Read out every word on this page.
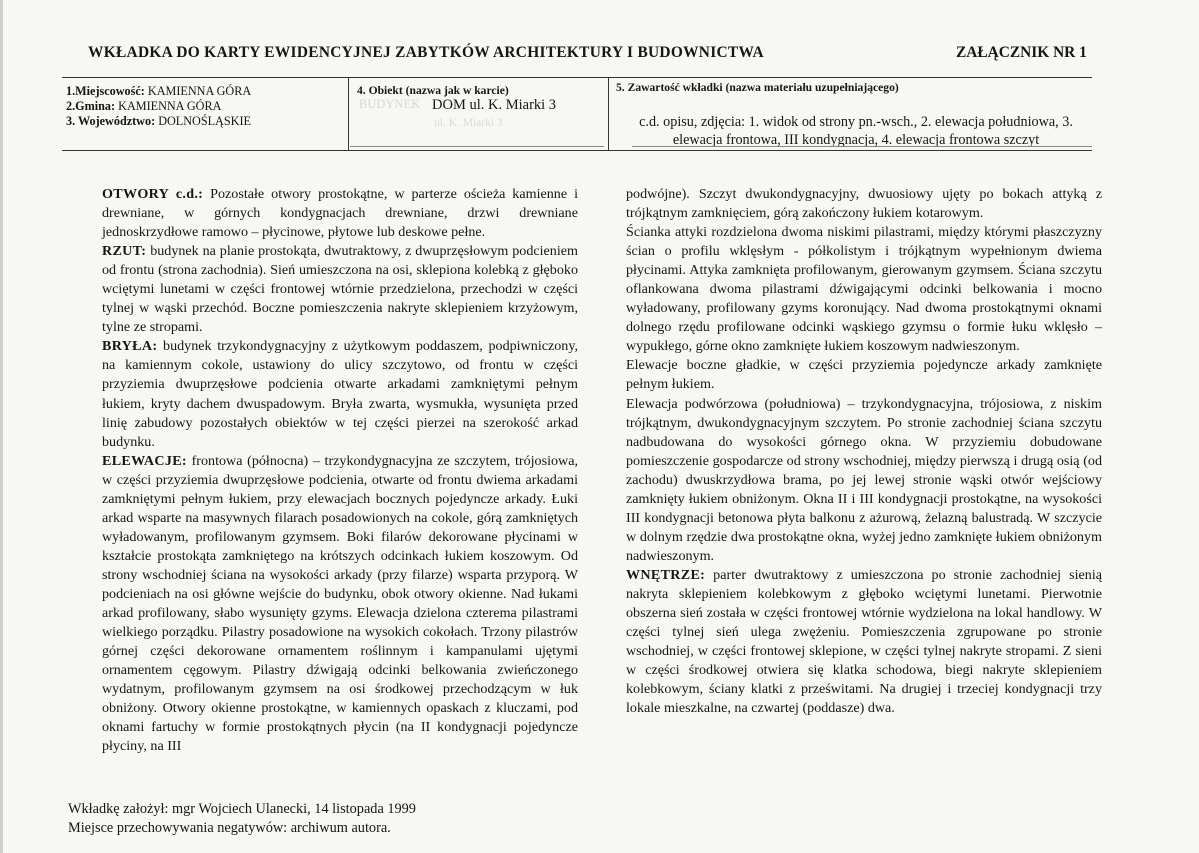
WKŁADKA DO KARTY EWIDENCYJNEJ ZABYTKÓW ARCHITEKTURY I BUDOWNICTWA	ZAŁĄCZNIK NR 1
1.Miejscowość: KAMIENNA GÓRA
2.Gmina: KAMIENNA GÓRA
3. Województwo: DOLNOŚLĄSKIE
4. Obiekt (nazwa jak w karcie)
BUDYNEK DOM ul. K. Miarki 3
ul. K. Miarki 3
5. Zawartość wkładki (nazwa materiału uzupełniającego)
c.d. opisu, zdjęcia: 1. widok od strony pn.-wsch., 2. elewacja południowa, 3. elewacja frontowa, III kondygnacja, 4. elewacja frontowa szczyt

OTWORY c.d.: Pozostałe otwory prostokątne, w parterze ościeża kamienne i drewniane, w górnych kondygnacjach drewniane, drzwi drewniane jednoskrzydłowe ramowo – płycinowe, płytowe lub deskowe pełne.

RZUT: budynek na planie prostokąta, dwutraktowy, z dwuprzęsłowym podcieniem od frontu (strona zachodnia). Sień umieszczona na osi, sklepiona kolebką z głęboko wciętymi lunetami w części frontowej wtórnie przedzielona, przechodzi w części tylnej w wąski przechód. Boczne pomieszczenia nakryte sklepieniem krzyżowym, tylne ze stropami.

BRYŁA: budynek trzykondygnacyjny z użytkowym poddaszem, podpiwniczony, na kamiennym cokole, ustawiony do ulicy szczytowo, od frontu w części przyziemia dwuprzęsłowe podcienia otwarte arkadami zamkniętymi pełnym łukiem, kryty dachem dwuspadowym. Bryła zwarta, wysmukła, wysunięta przed linię zabudowy pozostałych obiektów w tej części pierzei na szerokość arkad budynku.

ELEWACJE: frontowa (północna) – trzykondygnacyjna ze szczytem, trójosiowa, w części przyziemia dwuprzęsłowe podcienia, otwarte od frontu dwiema arkadami zamkniętymi pełnym łukiem, przy elewacjach bocznych pojedyncze arkady. Łuki arkad wsparte na masywnych filarach posadowionych na cokole, górą zamkniętych wyładowanym, profilowanym gzymsem. Boki filarów dekorowane płycinami w kształcie prostokąta zamkniętego na krótszych odcinkach łukiem koszowym. Od strony wschodniej ściana na wysokości arkady (przy filarze) wsparta przyporą. W podcieniach na osi główne wejście do budynku, obok otwory okienne. Nad łukami arkad profilowany, słabo wysunięty gzyms. Elewacja dzielona czterema pilastrami wielkiego porządku. Pilastry posadowione na wysokich cokołach. Trzony pilastrów górnej części dekorowane ornamentem roślinnym i kampanulami ujętymi ornamentem cęgowym. Pilastry dźwigają odcinki belkowania zwieńczonego wydatnym, profilowanym gzymsem na osi środkowej przechodzącym w łuk obniżony. Otwory okienne prostokątne, w kamiennych opaskach z kluczami, pod oknami fartuchy w formie prostokątnych płycin (na II kondygnacji pojedyncze płyciny, na III

podwójne). Szczyt dwukondygnacyjny, dwuosiowy ujęty po bokach attyką z trójkątnym zamknięciem, górą zakończony łukiem kotarowym.

Ścianka attyki rozdzielona dwoma niskimi pilastrami, między którymi płaszczyzny ścian o profilu wklęsłym - półkolistym i trójkątnym wypełnionym dwiema płycinami. Attyka zamknięta profilowanym, gierowanym gzymsem. Ściana szczytu oflankowana dwoma pilastrami dźwigającymi odcinki belkowania i mocno wyładowany, profilowany gzyms koronujący. Nad dwoma prostokątnymi oknami dolnego rzędu profilowane odcinki wąskiego gzymsu o formie łuku wklęsło – wypukłego, górne okno zamknięte łukiem koszowym nadwieszonym.

Elewacje boczne gładkie, w części przyziemia pojedyncze arkady zamknięte pełnym łukiem.

Elewacja podwórzowa (południowa) – trzykondygnacyjna, trójosiowa, z niskim trójkątnym, dwukondygnacyjnym szczytem. Po stronie zachodniej ściana szczytu nadbudowana do wysokości górnego okna. W przyziemiu dobudowane pomieszczenie gospodarcze od strony wschodniej, między pierwszą i drugą osią (od zachodu) dwuskrzydłowa brama, po jej lewej stronie wąski otwór wejściowy zamknięty łukiem obniżonym. Okna II i III kondygnacji prostokątne, na wysokości III kondygnacji betonowa płyta balkonu z ażurową, żelazną balustradą. W szczycie w dolnym rzędzie dwa prostokątne okna, wyżej jedno zamknięte łukiem obniżonym nadwieszonym.

WNĘTRZE: parter dwutraktowy z umieszczona po stronie zachodniej sienią nakryta sklepieniem kolebkowym z głęboko wciętymi lunetami. Pierwotnie obszerna sień została w części frontowej wtórnie wydzielona na lokal handlowy. W części tylnej sień ulega zwężeniu. Pomieszczenia zgrupowane po stronie wschodniej, w części frontowej sklepione, w części tylnej nakryte stropami. Z sieni w części środkowej otwiera się klatka schodowa, biegi nakryte sklepieniem kolebkowym, ściany klatki z prześwitami. Na drugiej i trzeciej kondygnacji trzy lokale mieszkalne, na czwartej (poddasze) dwa.

Wkładkę założył: mgr Wojciech Ulanecki, 14 listopada 1999
Miejsce przechowywania negatywów: archiwum autora.
